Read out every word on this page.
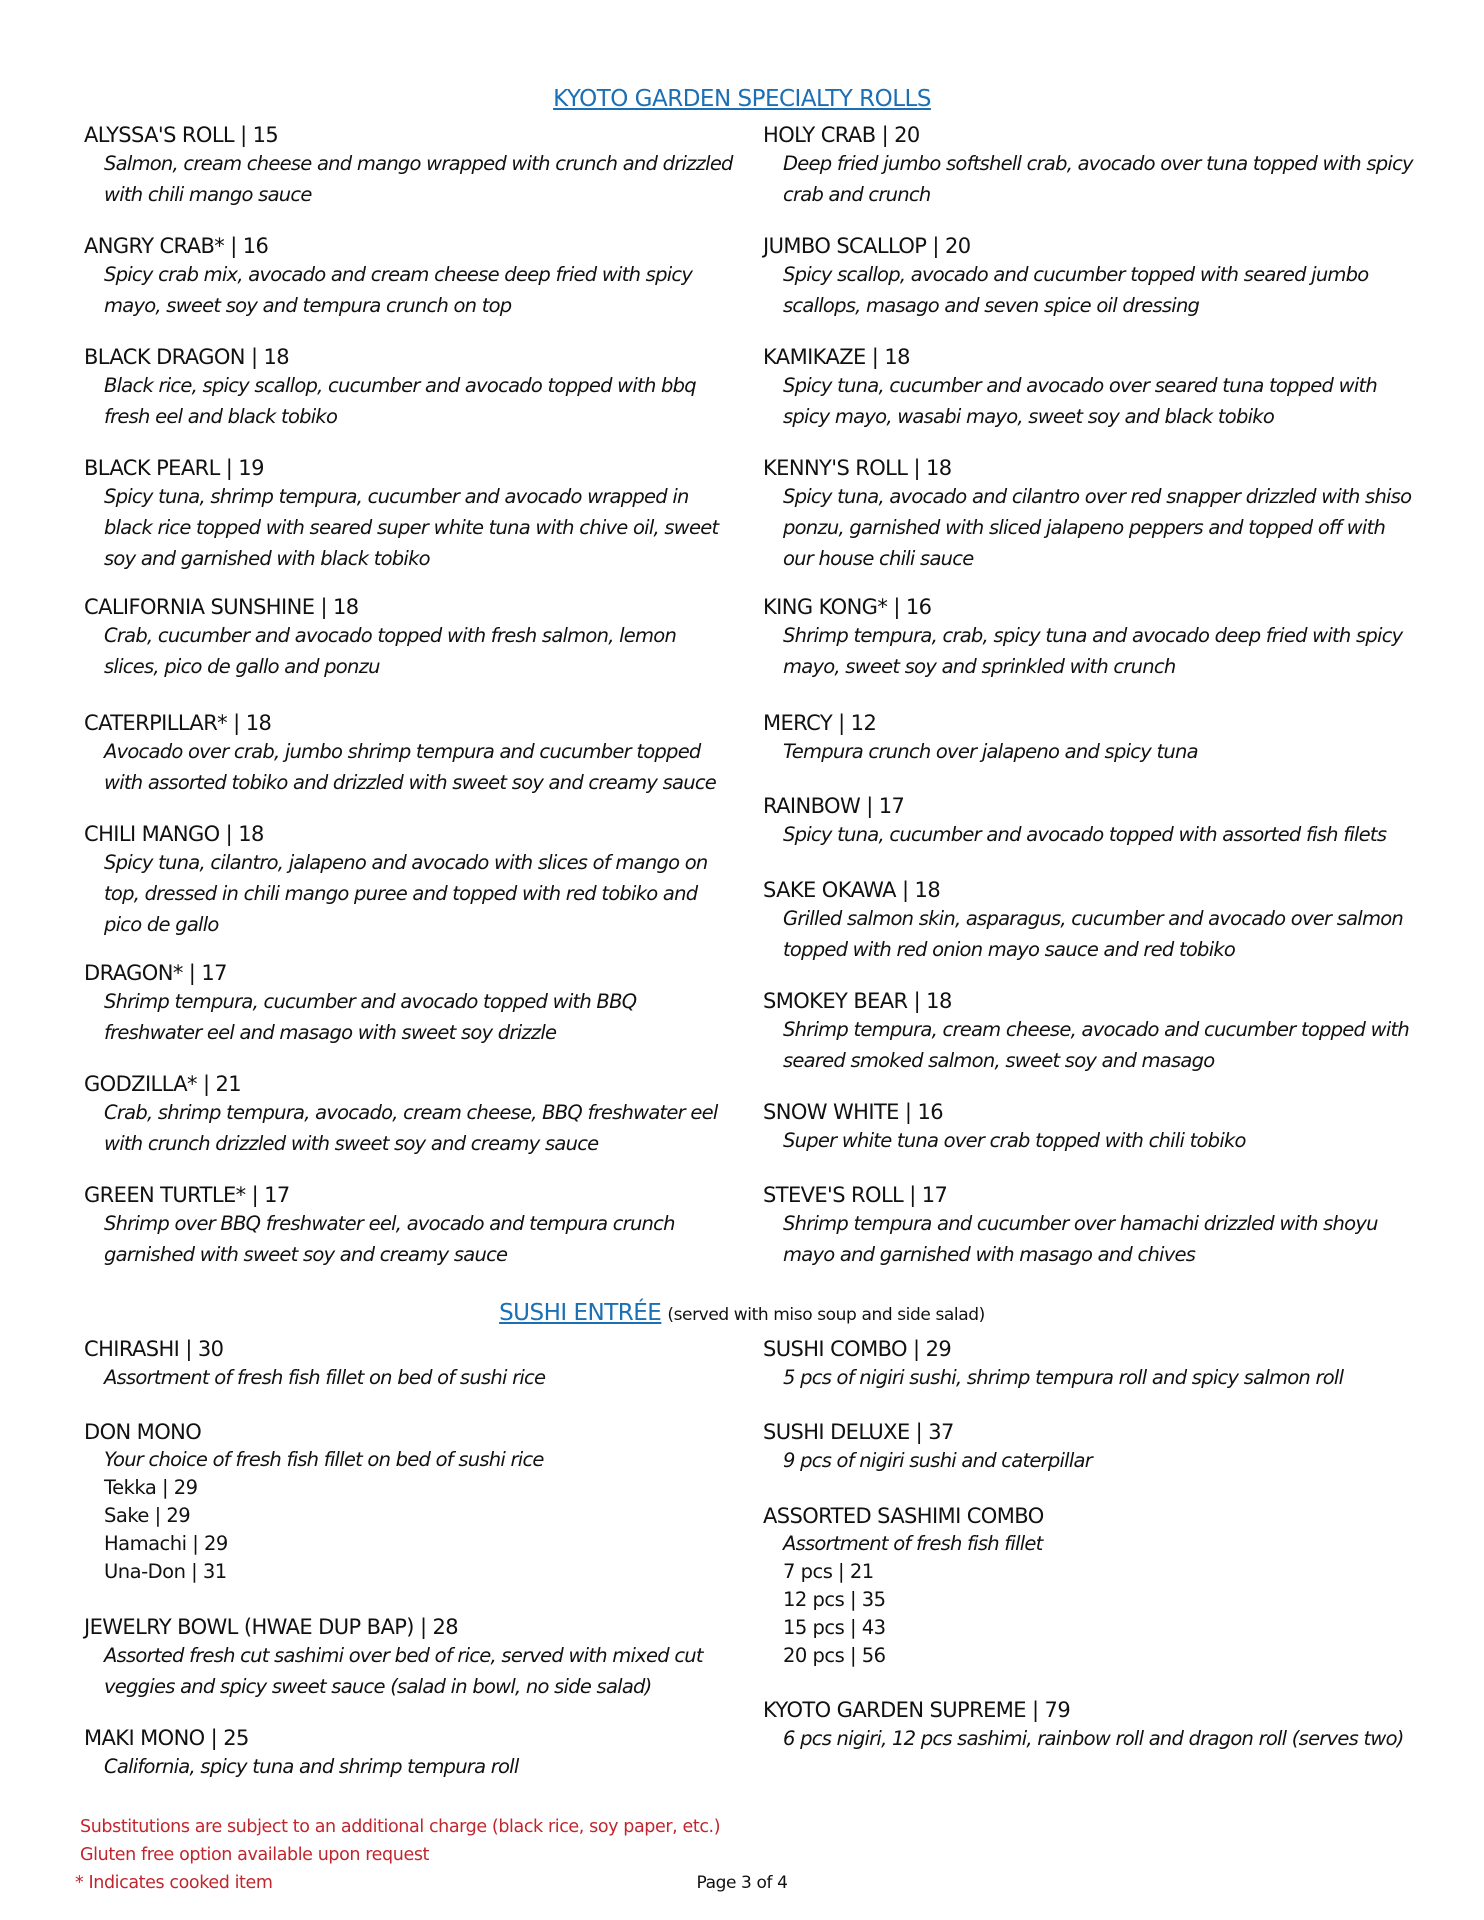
KYOTO GARDEN SPECIALTY ROLLS
ALYSSA'S ROLL | 15
Salmon, cream cheese and mango wrapped with crunch and drizzled with chili mango sauce
ANGRY CRAB* | 16
Spicy crab mix, avocado and cream cheese deep fried with spicy mayo, sweet soy and tempura crunch on top
BLACK DRAGON | 18
Black rice, spicy scallop, cucumber and avocado topped with bbq fresh eel and black tobiko
BLACK PEARL | 19
Spicy tuna, shrimp tempura, cucumber and avocado wrapped in black rice topped with seared super white tuna with chive oil, sweet soy and garnished with black tobiko
CALIFORNIA SUNSHINE | 18
Crab, cucumber and avocado topped with fresh salmon, lemon slices, pico de gallo and ponzu
CATERPILLAR* | 18
Avocado over crab, jumbo shrimp tempura and cucumber topped with assorted tobiko and drizzled with sweet soy and creamy sauce
CHILI MANGO | 18
Spicy tuna, cilantro, jalapeno and avocado with slices of mango on top, dressed in chili mango puree and topped with red tobiko and pico de gallo
DRAGON* | 17
Shrimp tempura, cucumber and avocado topped with BBQ freshwater eel and masago with sweet soy drizzle
GODZILLA* | 21
Crab, shrimp tempura, avocado, cream cheese, BBQ freshwater eel with crunch drizzled with sweet soy and creamy sauce
GREEN TURTLE* | 17
Shrimp over BBQ freshwater eel, avocado and tempura crunch garnished with sweet soy and creamy sauce
HOLY CRAB | 20
Deep fried jumbo softshell crab, avocado over tuna topped with spicy crab and crunch
JUMBO SCALLOP | 20
Spicy scallop, avocado and cucumber topped with seared jumbo scallops, masago and seven spice oil dressing
KAMIKAZE | 18
Spicy tuna, cucumber and avocado over seared tuna topped with spicy mayo, wasabi mayo, sweet soy and black tobiko
KENNY'S ROLL | 18
Spicy tuna, avocado and cilantro over red snapper drizzled with shiso ponzu, garnished with sliced jalapeno peppers and topped off with our house chili sauce
KING KONG* | 16
Shrimp tempura, crab, spicy tuna and avocado deep fried with spicy mayo, sweet soy and sprinkled with crunch
MERCY | 12
Tempura crunch over jalapeno and spicy tuna
RAINBOW | 17
Spicy tuna, cucumber and avocado topped with assorted fish filets
SAKE OKAWA | 18
Grilled salmon skin, asparagus, cucumber and avocado over salmon topped with red onion mayo sauce and red tobiko
SMOKEY BEAR | 18
Shrimp tempura, cream cheese, avocado and cucumber topped with seared smoked salmon, sweet soy and masago
SNOW WHITE | 16
Super white tuna over crab topped with chili tobiko
STEVE'S ROLL | 17
Shrimp tempura and cucumber over hamachi drizzled with shoyu mayo and garnished with masago and chives
SUSHI ENTRÉE (served with miso soup and side salad)
CHIRASHI | 30
Assortment of fresh fish fillet on bed of sushi rice
DON MONO
Your choice of fresh fish fillet on bed of sushi rice
Tekka | 29
Sake | 29
Hamachi | 29
Una-Don | 31
JEWELRY BOWL (HWAE DUP BAP) | 28
Assorted fresh cut sashimi over bed of rice, served with mixed cut veggies and spicy sweet sauce (salad in bowl, no side salad)
MAKI MONO | 25
California, spicy tuna and shrimp tempura roll
SUSHI COMBO | 29
5 pcs of nigiri sushi, shrimp tempura roll and spicy salmon roll
SUSHI DELUXE | 37
9 pcs of nigiri sushi and caterpillar
ASSORTED SASHIMI COMBO
Assortment of fresh fish fillet
7 pcs | 21
12 pcs | 35
15 pcs | 43
20 pcs | 56
KYOTO GARDEN SUPREME | 79
6 pcs nigiri, 12 pcs sashimi, rainbow roll and dragon roll (serves two)
Substitutions are subject to an additional charge (black rice, soy paper, etc.)
Gluten free option available upon request
* Indicates cooked item	Page 3 of 4
